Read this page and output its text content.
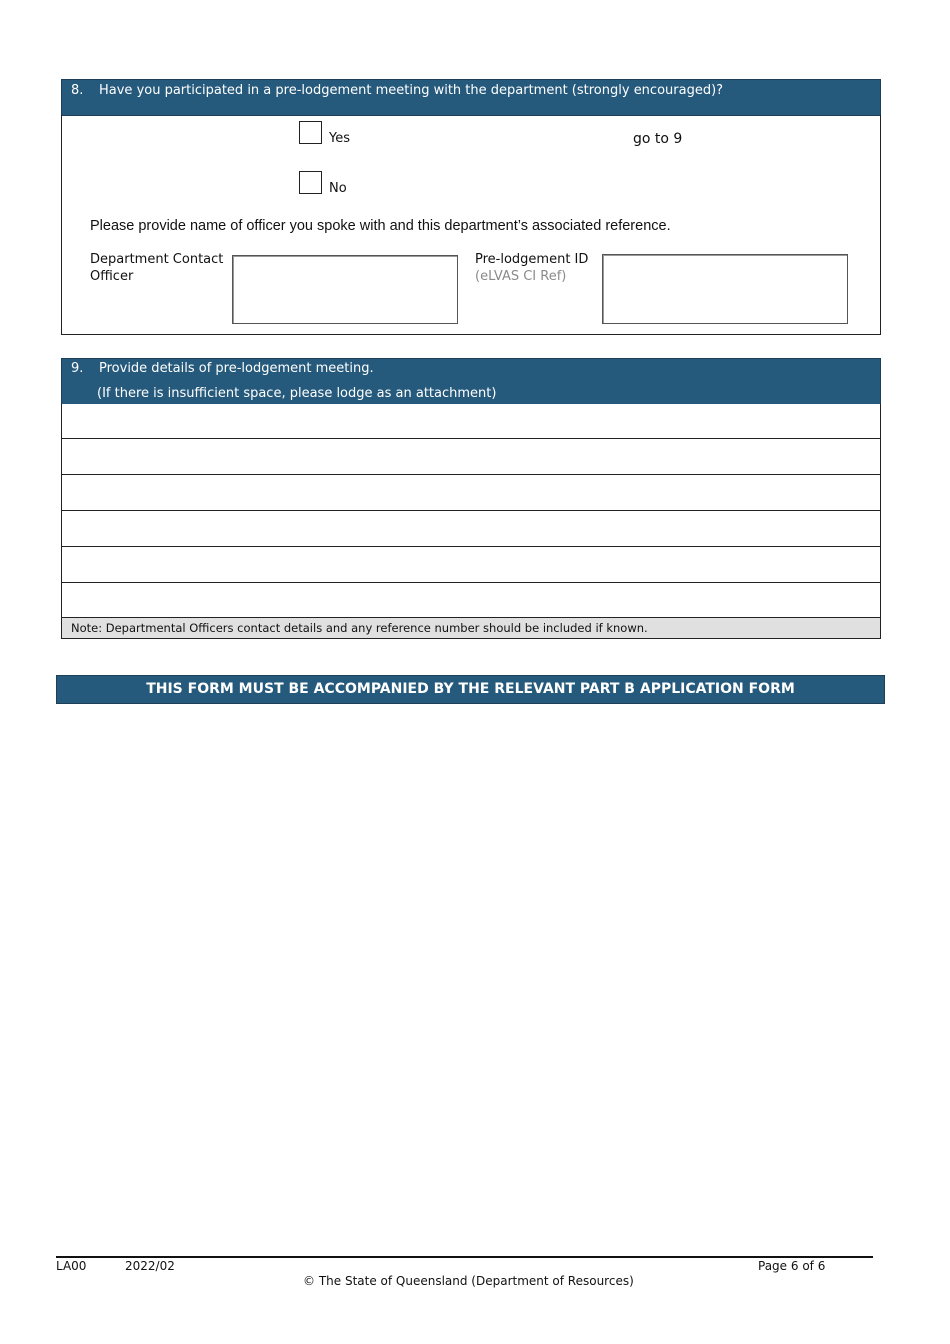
8. Have you participated in a pre-lodgement meeting with the department (strongly encouraged)?
Yes	go to 9
No
Please provide name of officer you spoke with and this department’s associated reference.
Department Contact Officer
Pre-lodgement ID
(eLVAS CI Ref)
9. Provide details of pre-lodgement meeting.
(If there is insufficient space, please lodge as an attachment)
Note: Departmental Officers contact details and any reference number should be included if known.
THIS FORM MUST BE ACCOMPANIED BY THE RELEVANT PART B APPLICATION FORM
LA00	2022/02	Page 6 of 6
© The State of Queensland (Department of Resources)
